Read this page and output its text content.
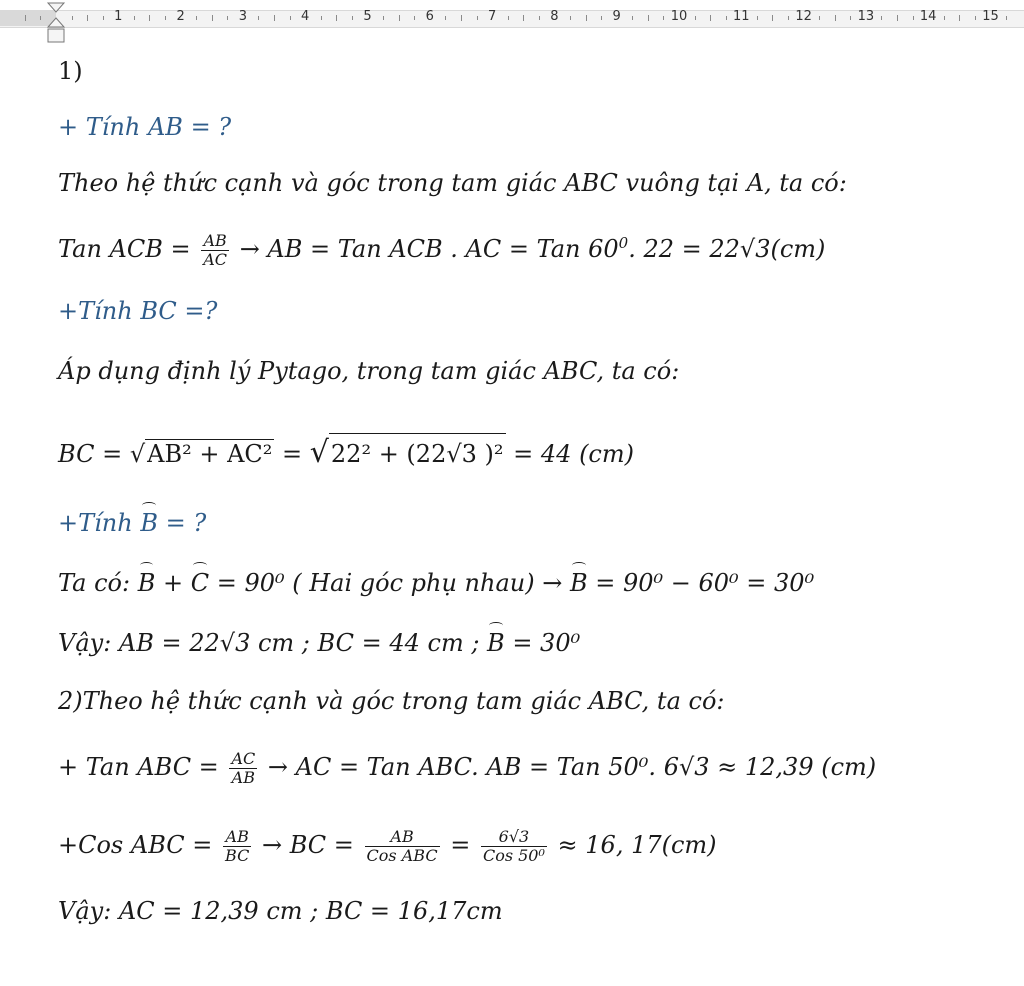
1	2	3	4	5	6	7	8	9	10	11	12	13	14	15
1)
+ Tính AB = ?
Theo hệ thức cạnh và góc trong tam giác ABC vuông tại A, ta có:
Tan ACB = $\frac{AB}{AC}$ → AB = Tan ACB . AC = Tan $60^0$. 22 = 22√3(cm)
+Tính BC =?
Áp dụng định lý Pytago, trong tam giác ABC, ta có:
BC = √AB² + AC² = √22² + (22√3 )² = 44 (cm)
+Tính B = ?
Ta có: B + C = 90⁰ ( Hai góc phụ nhau) → B = 90⁰ − 60⁰ = 30⁰
Vậy: AB = 22√3 cm ; BC = 44 cm ; B = 30⁰
2)Theo hệ thức cạnh và góc trong tam giác ABC, ta có:
+ Tan ABC = $\frac{AC}{AB}$ → AC = Tan ABC. AB = Tan 50⁰. 6√3 ≈ 12,39 (cm)
+Cos ABC = $\frac{AB}{BC}$ → BC = $\frac{AB}{\text{Cos ABC}} = \frac{6√3}{\text{Cos 50⁰}} \approx 16$, 17(cm)
Vậy: AC = 12,39 cm ; BC = 16,17cm
